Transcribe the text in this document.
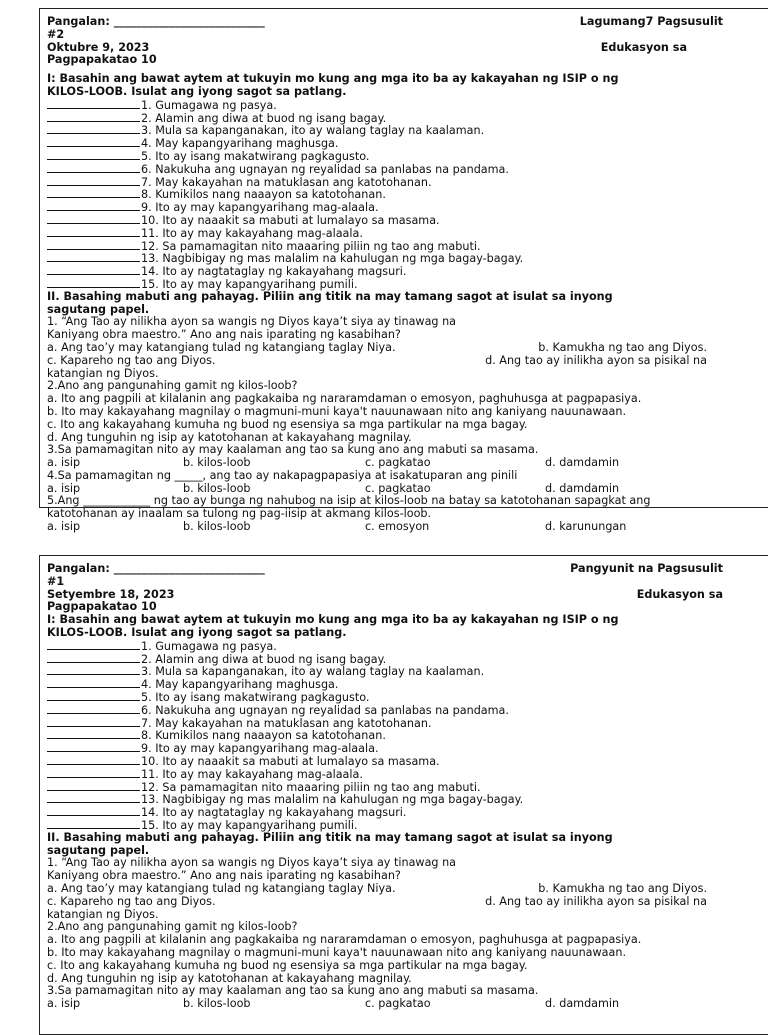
Pangalan: ___________________________	Lagumang7 Pagsusulit
#2
Oktubre 9, 2023	Edukasyon sa
Pagpapakatao 10
I: Basahin ang bawat aytem at tukuyin mo kung ang mga ito ba ay kakayahan ng ISIP o ng
KILOS-LOOB. Isulat ang iyong sagot sa patlang.
1. Gumagawa ng pasya.
2. Alamin ang diwa at buod ng isang bagay.
3. Mula sa kapanganakan, ito ay walang taglay na kaalaman.
4. May kapangyarihang maghusga.
5. Ito ay isang makatwirang pagkagusto.
6. Nakukuha ang ugnayan ng reyalidad sa panlabas na pandama.
7. May kakayahan na matuklasan ang katotohanan.
8. Kumikilos nang naaayon sa katotohanan.
9. Ito ay may kapangyarihang mag-alaala.
10. Ito ay naaakit sa mabuti at lumalayo sa masama.
11. Ito ay may kakayahang mag-alaala.
12. Sa pamamagitan nito maaaring piliin ng tao ang mabuti.
13. Nagbibigay ng mas malalim na kahulugan ng mga bagay-bagay.
14. Ito ay nagtataglay ng kakayahang magsuri.
15. Ito ay may kapangyarihang pumili.
II. Basahing mabuti ang pahayag. Piliin ang titik na may tamang sagot at isulat sa inyong
sagutang papel.
1. “Ang Tao ay nilikha ayon sa wangis ng Diyos kaya’t siya ay tinawag na
Kaniyang obra maestro.” Ano ang nais iparating ng kasabihan?
a. Ang tao’y may katangiang tulad ng katangiang taglay Niya.	b. Kamukha ng tao ang Diyos.
c. Kapareho ng tao ang Diyos.	d. Ang tao ay inilikha ayon sa pisikal na
katangian ng Diyos.
2.Ano ang pangunahing gamit ng kilos-loob?
a. Ito ang pagpili at kilalanin ang pagkakaiba ng nararamdaman o emosyon, paghuhusga at pagpapasiya.
b. Ito may kakayahang magnilay o magmuni-muni kaya't nauunawaan nito ang kaniyang nauunawaan.
c. Ito ang kakayahang kumuha ng buod ng esensiya sa mga partikular na mga bagay.
d. Ang tunguhin ng isip ay katotohanan at kakayahang magnilay.
3.Sa pamamagitan nito ay may kaalaman ang tao sa kung ano ang mabuti sa masama.
a. isip	b. kilos-loob	c. pagkatao	d. damdamin
4.Sa pamamagitan ng _____, ang tao ay nakapagpapasiya at isakatuparan ang pinili
a. isip	b. kilos-loob	c. pagkatao	d. damdamin
5.Ang ____________ ng tao ay bunga ng nahubog na isip at kilos-loob na batay sa katotohanan sapagkat ang
katotohanan ay inaalam sa tulong ng pag-iisip at akmang kilos-loob.
a. isip	b. kilos-loob	c. emosyon	d. karunungan
Pangalan: ___________________________	Pangyunit na Pagsusulit
#1
Setyembre 18, 2023	Edukasyon sa
Pagpapakatao 10
I: Basahin ang bawat aytem at tukuyin mo kung ang mga ito ba ay kakayahan ng ISIP o ng
KILOS-LOOB. Isulat ang iyong sagot sa patlang.
1. Gumagawa ng pasya.
2. Alamin ang diwa at buod ng isang bagay.
3. Mula sa kapanganakan, ito ay walang taglay na kaalaman.
4. May kapangyarihang maghusga.
5. Ito ay isang makatwirang pagkagusto.
6. Nakukuha ang ugnayan ng reyalidad sa panlabas na pandama.
7. May kakayahan na matuklasan ang katotohanan.
8. Kumikilos nang naaayon sa katotohanan.
9. Ito ay may kapangyarihang mag-alaala.
10. Ito ay naaakit sa mabuti at lumalayo sa masama.
11. Ito ay may kakayahang mag-alaala.
12. Sa pamamagitan nito maaaring piliin ng tao ang mabuti.
13. Nagbibigay ng mas malalim na kahulugan ng mga bagay-bagay.
14. Ito ay nagtataglay ng kakayahang magsuri.
15. Ito ay may kapangyarihang pumili.
II. Basahing mabuti ang pahayag. Piliin ang titik na may tamang sagot at isulat sa inyong
sagutang papel.
1. “Ang Tao ay nilikha ayon sa wangis ng Diyos kaya’t siya ay tinawag na
Kaniyang obra maestro.” Ano ang nais iparating ng kasabihan?
a. Ang tao’y may katangiang tulad ng katangiang taglay Niya.	b. Kamukha ng tao ang Diyos.
c. Kapareho ng tao ang Diyos.	d. Ang tao ay inilikha ayon sa pisikal na
katangian ng Diyos.
2.Ano ang pangunahing gamit ng kilos-loob?
a. Ito ang pagpili at kilalanin ang pagkakaiba ng nararamdaman o emosyon, paghuhusga at pagpapasiya.
b. Ito may kakayahang magnilay o magmuni-muni kaya't nauunawaan nito ang kaniyang nauunawaan.
c. Ito ang kakayahang kumuha ng buod ng esensiya sa mga partikular na mga bagay.
d. Ang tunguhin ng isip ay katotohanan at kakayahang magnilay.
3.Sa pamamagitan nito ay may kaalaman ang tao sa kung ano ang mabuti sa masama.
a. isip	b. kilos-loob	c. pagkatao	d. damdamin
